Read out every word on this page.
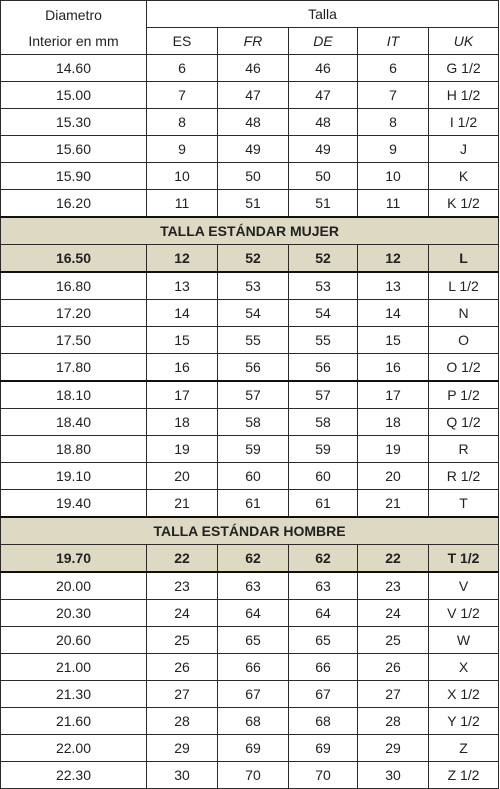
Diametro
Interior en mm	Talla				
	ES	FR	DE	IT	UK
14.60	6	46	46	6	G 1/2
15.00	7	47	47	7	H 1/2
15.30	8	48	48	8	I 1/2
15.60	9	49	49	9	J
15.90	10	50	50	10	K
16.20	11	51	51	11	K 1/2
TALLA ESTÁNDAR MUJER					
16.50	12	52	52	12	L
16.80	13	53	53	13	L 1/2
17.20	14	54	54	14	N
17.50	15	55	55	15	O
17.80	16	56	56	16	O 1/2
18.10	17	57	57	17	P 1/2
18.40	18	58	58	18	Q 1/2
18.80	19	59	59	19	R
19.10	20	60	60	20	R 1/2
19.40	21	61	61	21	T
TALLA ESTÁNDAR HOMBRE					
19.70	22	62	62	22	T 1/2
20.00	23	63	63	23	V
20.30	24	64	64	24	V 1/2
20.60	25	65	65	25	W
21.00	26	66	66	26	X
21.30	27	67	67	27	X 1/2
21.60	28	68	68	28	Y 1/2
22.00	29	69	69	29	Z
22.30	30	70	70	30	Z 1/2
